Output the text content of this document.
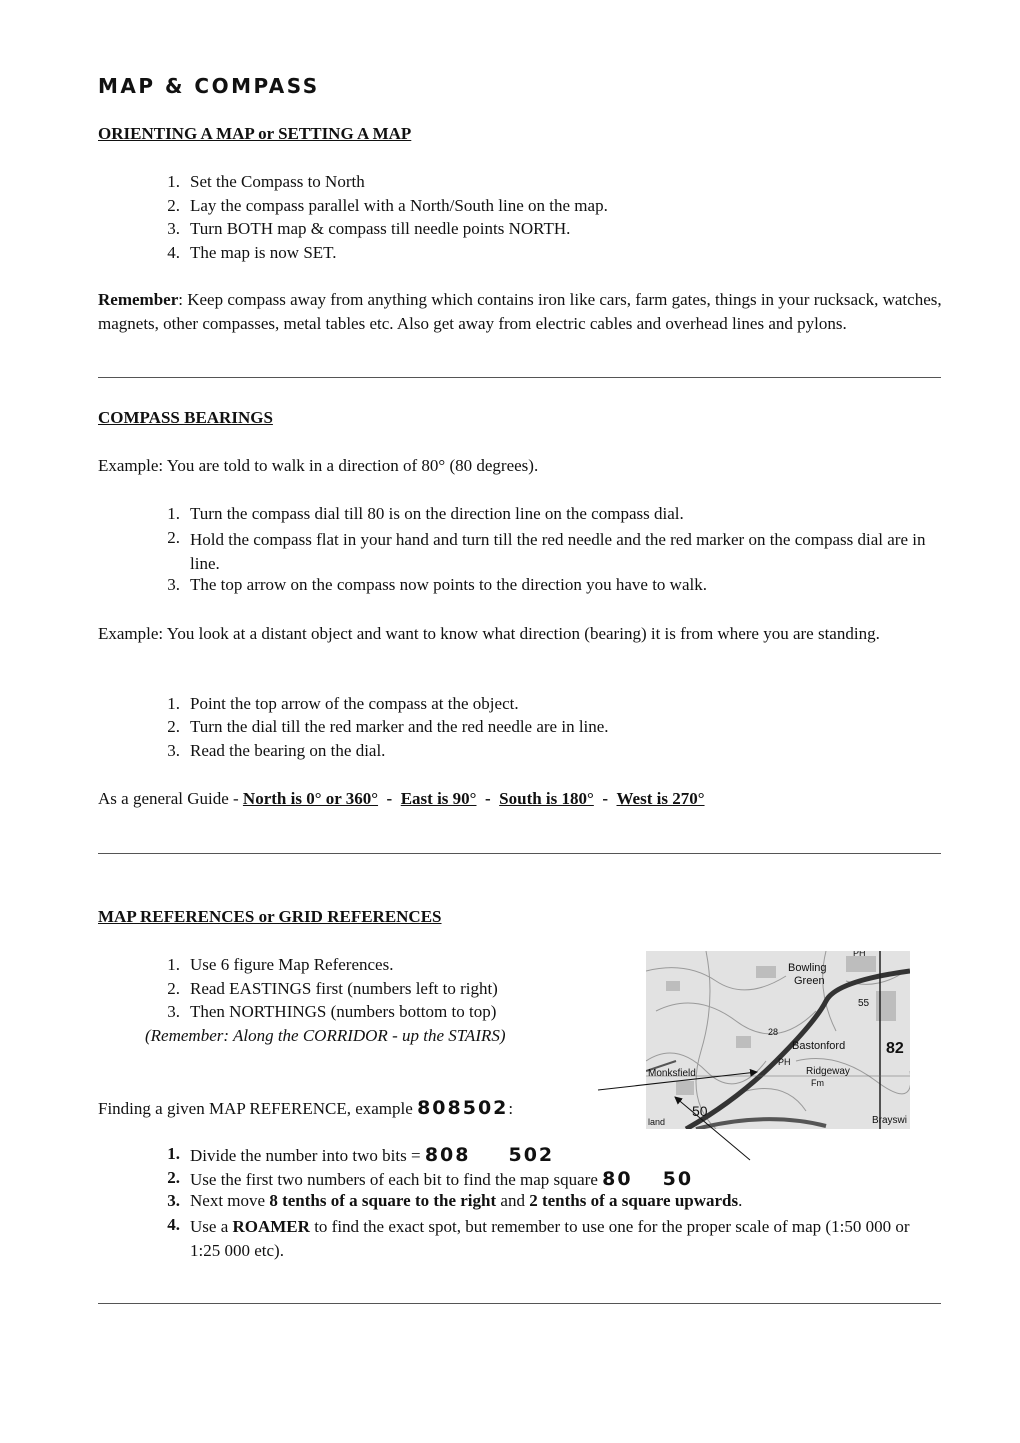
MAP & COMPASS
ORIENTING A MAP or SETTING A MAP
1. Set the Compass to North
2. Lay the compass parallel with a North/South line on the map.
3. Turn BOTH map & compass till needle points NORTH.
4. The map is now SET.
Remember: Keep compass away from anything which contains iron like cars, farm gates, things in your rucksack, watches, magnets, other compasses, metal tables etc. Also get away from electric cables and overhead lines and pylons.
COMPASS BEARINGS
Example: You are told to walk in a direction of 80° (80 degrees).
1. Turn the compass dial till 80 is on the direction line on the compass dial.
2. Hold the compass flat in your hand and turn till the red needle and the red marker on the compass dial are in line.
3. The top arrow on the compass now points to the direction you have to walk.
Example: You look at a distant object and want to know what direction (bearing) it is from where you are standing.
1. Point the top arrow of the compass at the object.
2. Turn the dial till the red marker and the red needle are in line.
3. Read the bearing on the dial.
As a general Guide - North is 0° or 360° - East is 90° - South is 180° - West is 270°
MAP REFERENCES or GRID REFERENCES
1. Use 6 figure Map References.
2. Read EASTINGS first (numbers left to right)
3. Then NORTHINGS (numbers bottom to top)
(Remember: Along the CORRIDOR - up the STAIRS)
Bowling
Green
Bastonford
Monksfield	Ridgeway
PH
PH
Fm
Brayswi
land
55
28
82
50
Finding a given MAP REFERENCE, example 808502:
1. Divide the number into two bits = 808 502
2. Use the first two numbers of each bit to find the map square 80 50
3. Next move 8 tenths of a square to the right and 2 tenths of a square upwards.
4. Use a ROAMER to find the exact spot, but remember to use one for the proper scale of map (1:50 000 or 1:25 000 etc).
